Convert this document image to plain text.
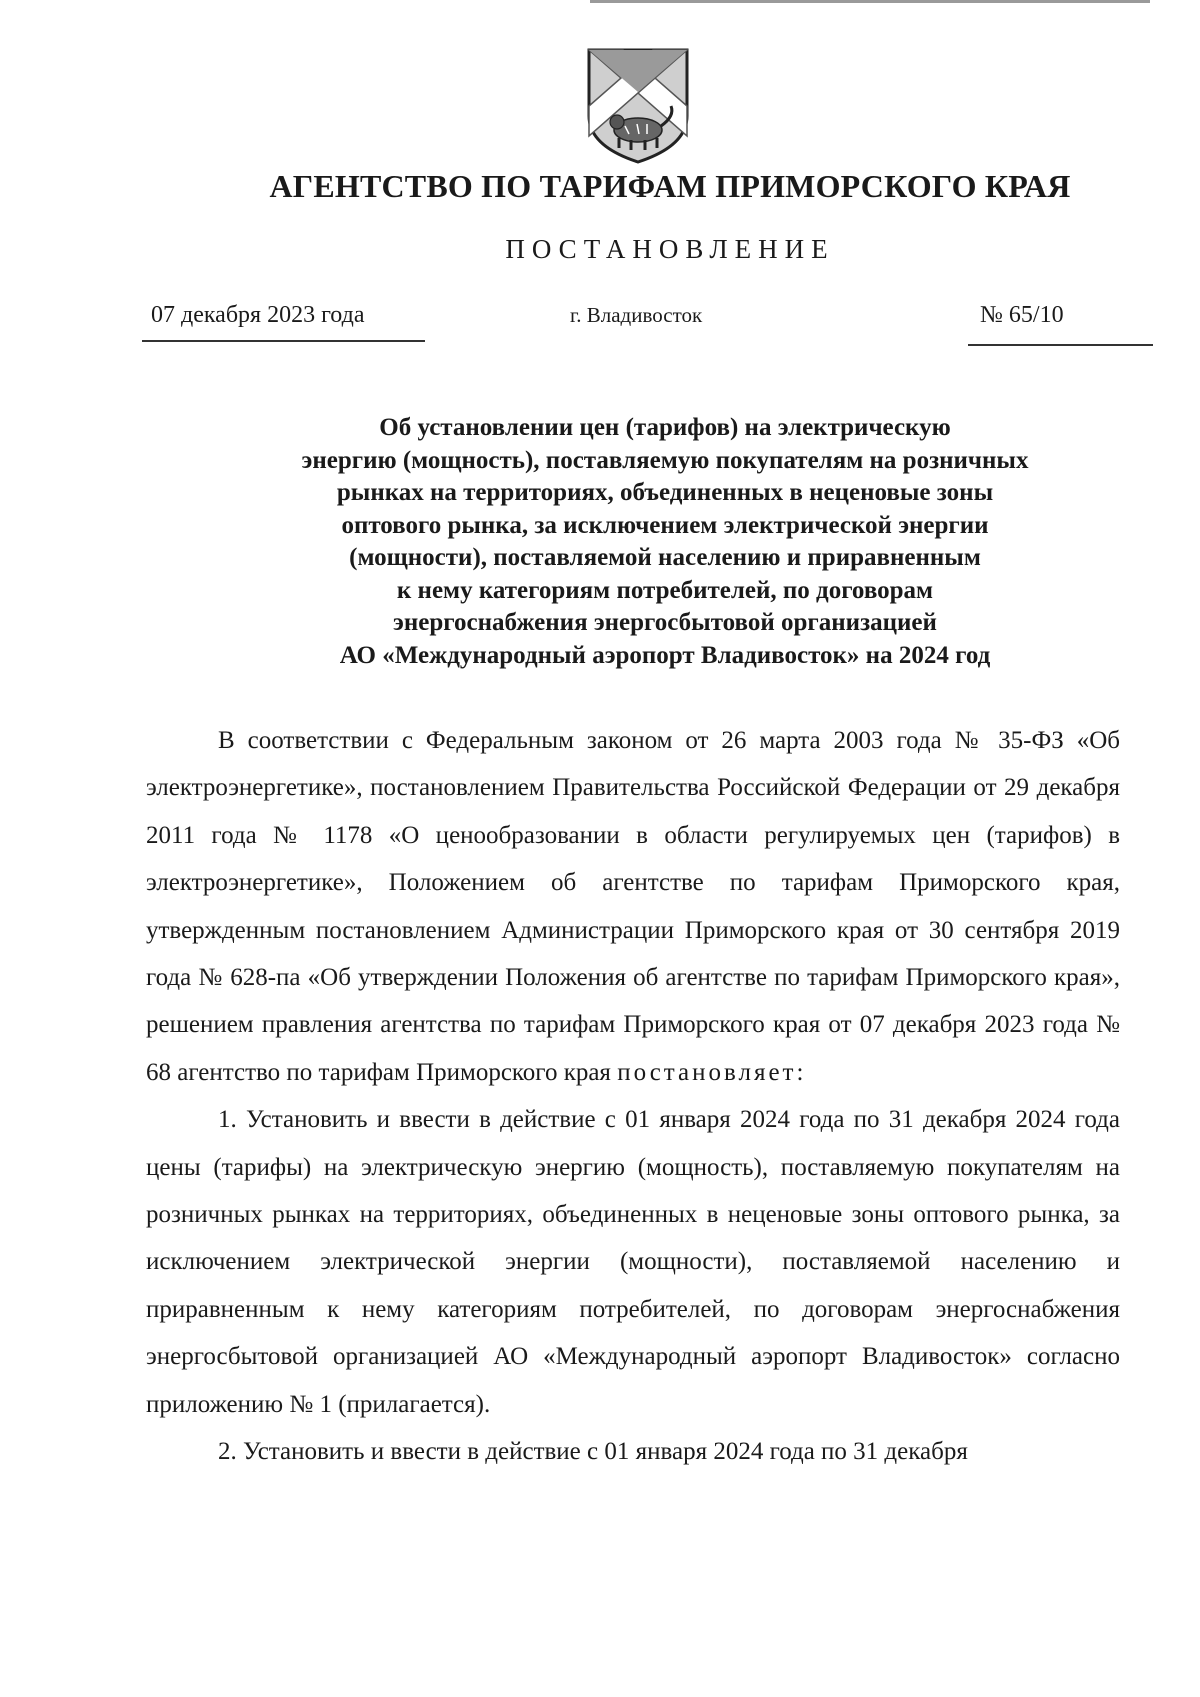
АГЕНТСТВО ПО ТАРИФАМ ПРИМОРСКОГО КРАЯ
ПОСТАНОВЛЕНИЕ
07 декабря 2023 года	г. Владивосток	№ 65/10
Об установлении цен (тарифов) на электрическую
энергию (мощность), поставляемую покупателям на розничных
рынках на территориях, объединенных в неценовые зоны
оптового рынка, за исключением электрической энергии
(мощности), поставляемой населению и приравненным
к нему категориям потребителей, по договорам
энергоснабжения энергосбытовой организацией
АО «Международный аэропорт Владивосток» на 2024 год

В соответствии с Федеральным законом от 26 марта 2003 года № 35-ФЗ «Об электроэнергетике», постановлением Правительства Российской Федерации от 29 декабря 2011 года № 1178 «О ценообразовании в области регулируемых цен (тарифов) в электроэнергетике», Положением об агентстве по тарифам Приморского края, утвержденным постановлением Администрации Приморского края от 30 сентября 2019 года № 628-па «Об утверждении Положения об агентстве по тарифам Приморского края», решением правления агентства по тарифам Приморского края от 07 декабря 2023 года № 68 агентство по тарифам Приморского края постановляет:

1. Установить и ввести в действие с 01 января 2024 года по 31 декабря 2024 года цены (тарифы) на электрическую энергию (мощность), поставляемую покупателям на розничных рынках на территориях, объединенных в неценовые зоны оптового рынка, за исключением электрической энергии (мощности), поставляемой населению и приравненным к нему категориям потребителей, по договорам энергоснабжения энергосбытовой организацией АО «Международный аэропорт Владивосток» согласно приложению № 1 (прилагается).

2. Установить и ввести в действие с 01 января 2024 года по 31 декабря
